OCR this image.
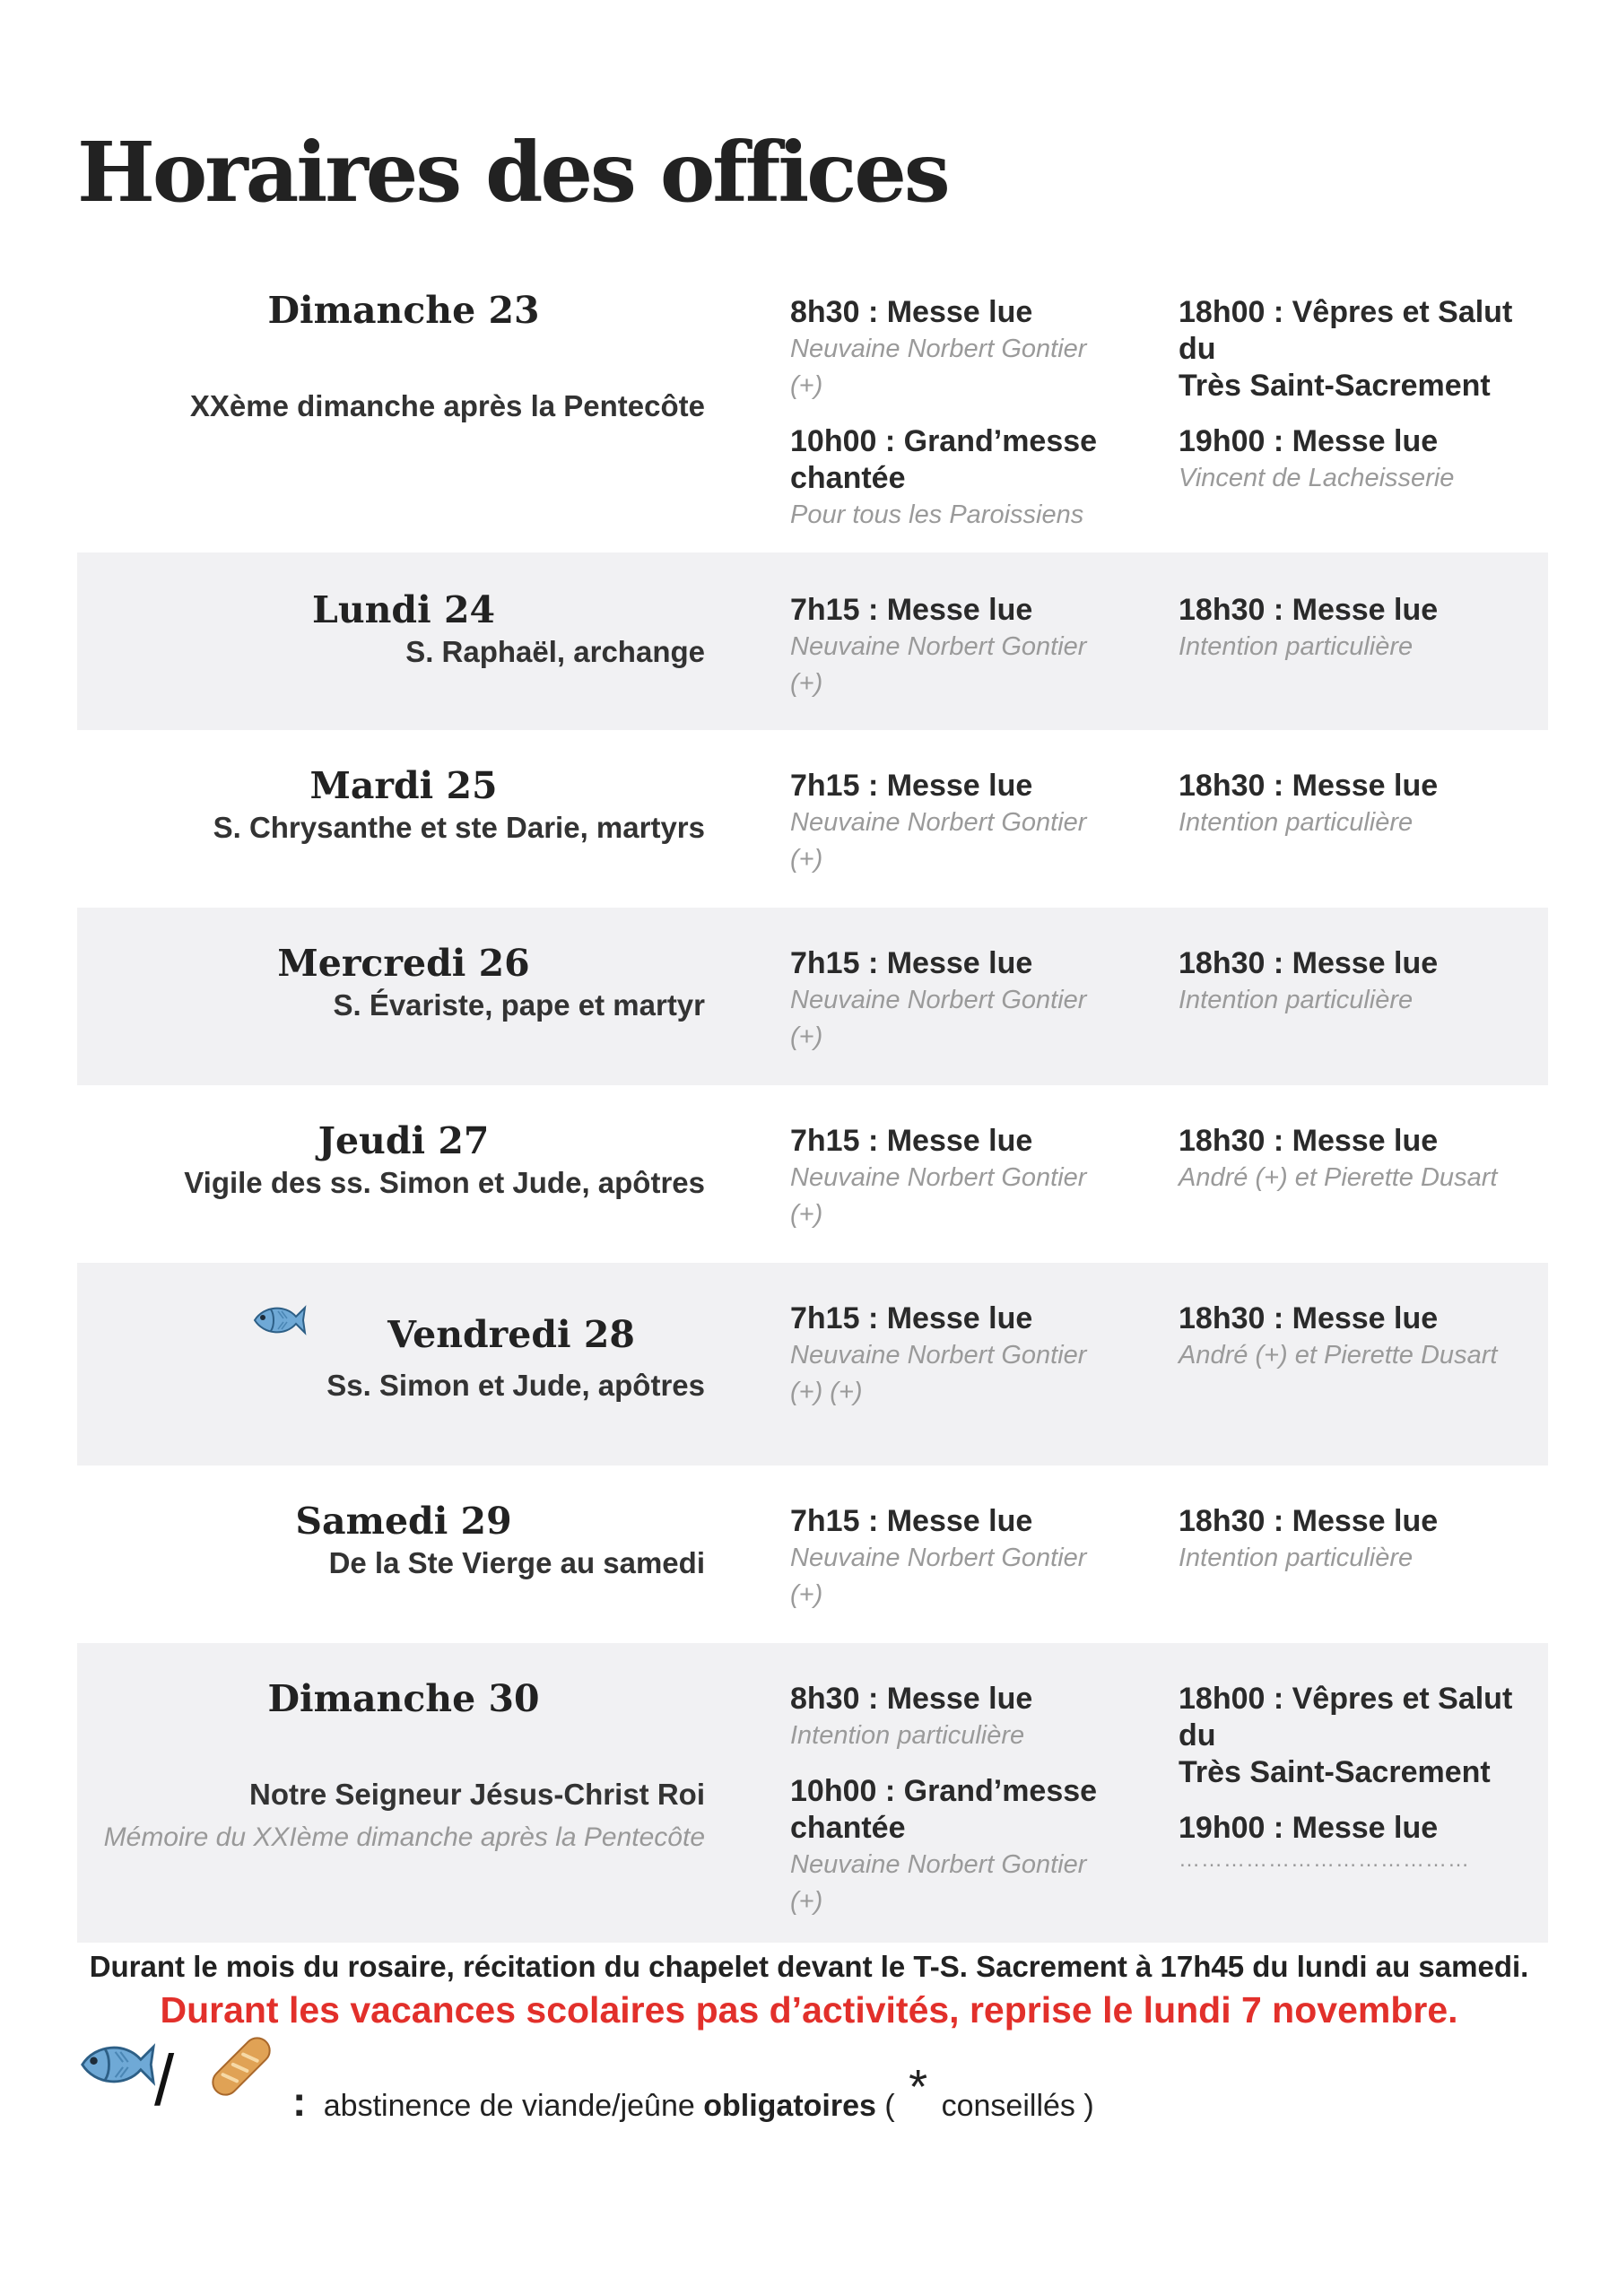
Horaires des offices
Dimanche 23
XXème dimanche après la Pentecôte
8h30 : Messe lue
Neuvaine Norbert Gontier
(+)
10h00 : Grand’messe
chantée
Pour tous les Paroissiens
18h00 : Vêpres et Salut du
Très Saint-Sacrement
19h00 : Messe lue
Vincent de Lacheisserie
Lundi 24
S. Raphaël, archange
7h15 : Messe lue
Neuvaine Norbert Gontier
(+)
18h30 : Messe lue
Intention particulière
Mardi 25
S. Chrysanthe et ste Darie, martyrs
7h15 : Messe lue
Neuvaine Norbert Gontier
(+)
18h30 : Messe lue
Intention particulière
Mercredi 26
S. Évariste, pape et martyr
7h15 : Messe lue
Neuvaine Norbert Gontier
(+)
18h30 : Messe lue
Intention particulière
Jeudi 27
Vigile des ss. Simon et Jude, apôtres
7h15 : Messe lue
Neuvaine Norbert Gontier
(+)
18h30 : Messe lue
André (+) et Pierette Dusart
Vendredi 28
Ss. Simon et Jude, apôtres
7h15 : Messe lue
Neuvaine Norbert Gontier
(+) (+)
18h30 : Messe lue
André (+) et Pierette Dusart
Samedi 29
De la Ste Vierge au samedi
7h15 : Messe lue
Neuvaine Norbert Gontier
(+)
18h30 : Messe lue
Intention particulière
Dimanche 30
Notre Seigneur Jésus-Christ Roi
Mémoire du XXIème dimanche après la Pentecôte
8h30 : Messe lue
Intention particulière
10h00 : Grand’messe
chantée
Neuvaine Norbert Gontier
(+)
18h00 : Vêpres et Salut du
Très Saint-Sacrement
19h00 : Messe lue
…………………………………
Durant le mois du rosaire, récitation du chapelet devant le T-S. Sacrement à 17h45 du lundi au samedi.
Durant les vacances scolaires pas d’activités, reprise le lundi 7 novembre.
/	: abstinence de viande/jeûne obligatoires ( * conseillés )
